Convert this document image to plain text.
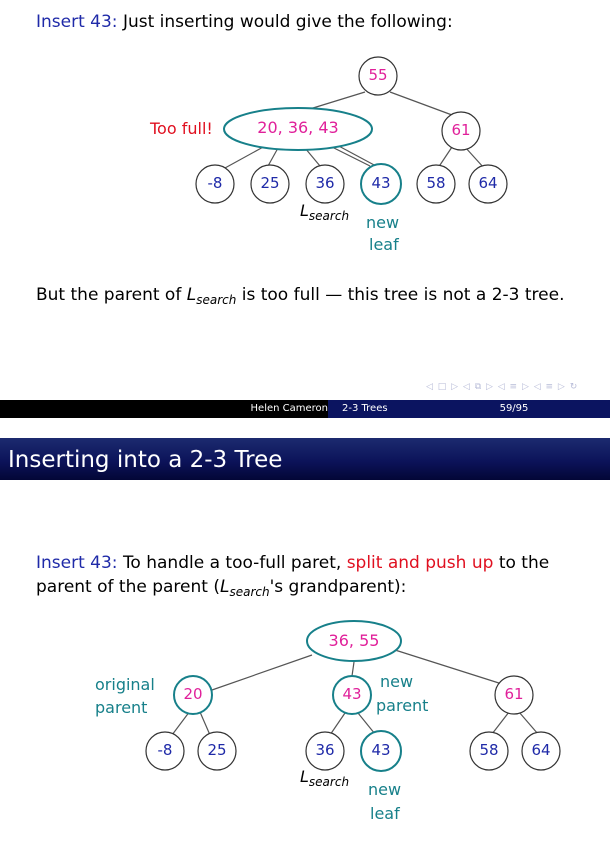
Insert 43: Just inserting would give the following:
55
20, 36, 43	61
Too full!
-8	25	36	43	58	64
$L_{search}$ new
leaf
But the parent of $L_{search}$ is too full — this tree is not a 2-3 tree.
◁ □ ▷ ◁ ⧉ ▷ ◁ ≡ ▷ ◁ ≡ ▷ ↻
Helen Cameron	2-3 Trees	59/95
Inserting into a 2-3 Tree
Insert 43: To handle a too-full paret, split and push up to the
parent of the parent ($L_{search}'s$ grandparent):
36, 55
20	43	61
original
parent
new
parent
-8	25	36	43	58	64
$L_{search}$ new
leaf
